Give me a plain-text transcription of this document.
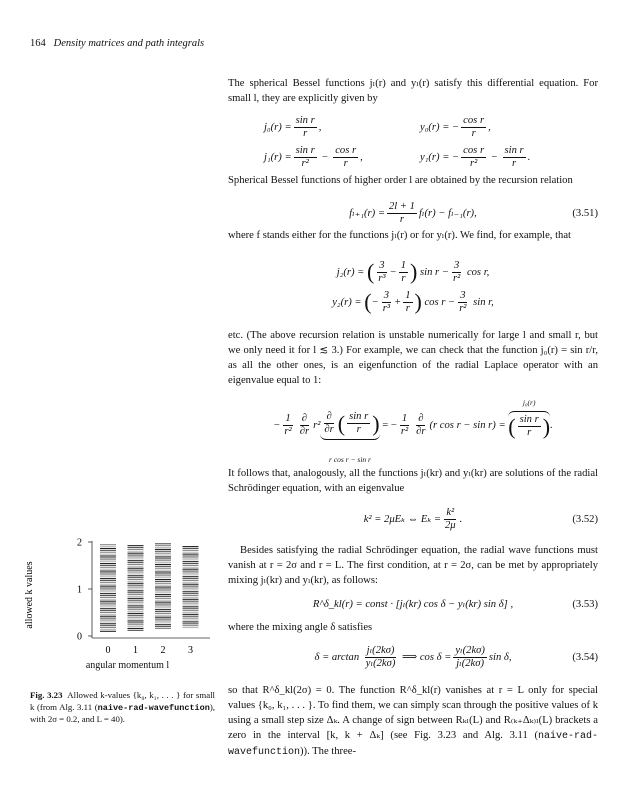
164 Density matrices and path integrals
The spherical Bessel functions jₗ(r) and yₗ(r) satisfy this differential equation. For small l, they are explicitly given by
$j_0(r) = \frac{\text{sin r}}{r}$ ,	y₀(r) = − $\frac{\text{cos r}}{r}$ ,
$j_1(r) = \frac{\text{sin r}}{\text{r²}} - \frac{\text{cos r}}{r}$ ,	y₁(r) = − $\frac{\text{cos r}}{\text{r²}} - \frac{\text{sin r}}{r}$ .
Spherical Bessel functions of higher order l are obtained by the recursion relation
$f_{l+1}(r) = \frac{2l + 1}{r} f_l(r) - f_{l-1}(r)$,	(3.51)
where f stands either for the functions jₗ(r) or for yₗ(r). We find, for example, that
j₂(r) =
( $\frac{3}{\text{r³}} - \frac{1}{r}$ )
$\sin r - \frac{3}{\text{r²}}$
cos r,
y₂(r) =
( − $\frac{3}{\text{r³}} + \frac{1}{r}$ )
$\cos r - \frac{3}{\text{r²}}$
sin r,
etc. (The above recursion relation is unstable numerically for large l and small r, but we only need it for l ≲ 3.) For example, we can check that the function j₀(r) = sin r/r, as all the other ones, is an eigenfunction of the radial Laplace operator with an eigenvalue equal to 1:
− $\frac{1}{\text{r²}} \frac{\partial}{\partial r} r^2 \frac{\partial}{\partial r}$ ( $\frac{\text{sin r}}{r}$ )
r cos r − sin r

= − $\frac{1}{\text{r²}} \frac{\partial}{\partial r} (r$ cos r − sin r) =

j₀(r)
( $\frac{\text{sin r}}{r}$ ) .
It follows that, analogously, all the functions jₗ(kr) and yₗ(kr) are solutions of the radial Schrödinger equation, with an eigenvalue
k² = 2μEₖ ⇔ $E_k = \frac{\text{k²}}{2\mu}$ .	(3.52)
Besides satisfying the radial Schrödinger equation, the radial wave functions must vanish at r = 2σ and r = L. The first condition, at r = 2σ, can be met by appropriately mixing jₗ(kr) and yₗ(kr), as follows:
R^δ_kl(r) = const · [jₗ(kr) cos δ − yₗ(kr) sin δ] ,	(3.53)
where the mixing angle δ satisfies
δ = arctan
$\frac{\text{jₗ(2kσ)}}{\text{yₗ(2kσ)}}$
⟹ $\cos \delta = \frac{\text{yₗ(2kσ)}}{\text{jₗ(2kσ)}}$ sin δ,	(3.54)
so that R^δ_kl(2σ) = 0. The function R^δ_kl(r) vanishes at r = L only for special values {k₀, k₁, . . . }. To find them, we can simply scan through the positive values of k using a small step size Δₖ. A change of sign between Rₖₗ(L) and R₍ₖ₊Δₖ₎ₗ(L) brackets a zero in the interval [k, k + Δₖ] (see Fig. 3.23 and Alg. 3.11 (naive-rad-wavefunction)). The three-
allowed k values
0
1
2
0 1 2 3
angular momentum l
Fig. 3.23 Allowed k-values {k₀, k₁, . . . } for small k (from Alg. 3.11 (naive-rad-wavefunction), with 2σ = 0.2, and L = 40).
